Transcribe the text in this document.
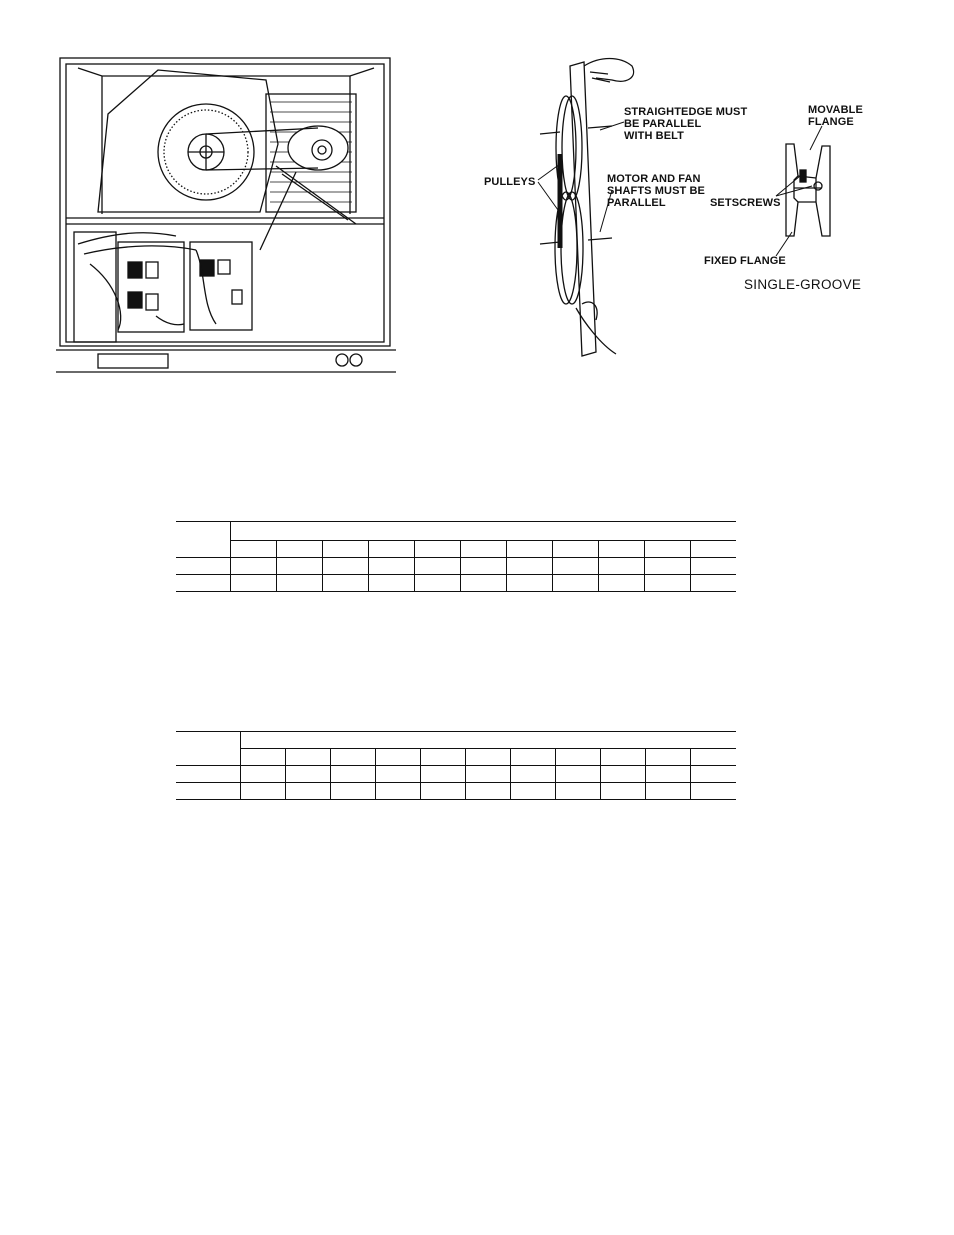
PULLEYS
STRAIGHTEDGE MUST
BE PARALLEL
WITH BELT
MOTOR AND FAN
SHAFTS MUST BE
PARALLEL
MOVABLE
FLANGE
SETSCREWS
FIXED FLANGE
SINGLE-GROOVE
